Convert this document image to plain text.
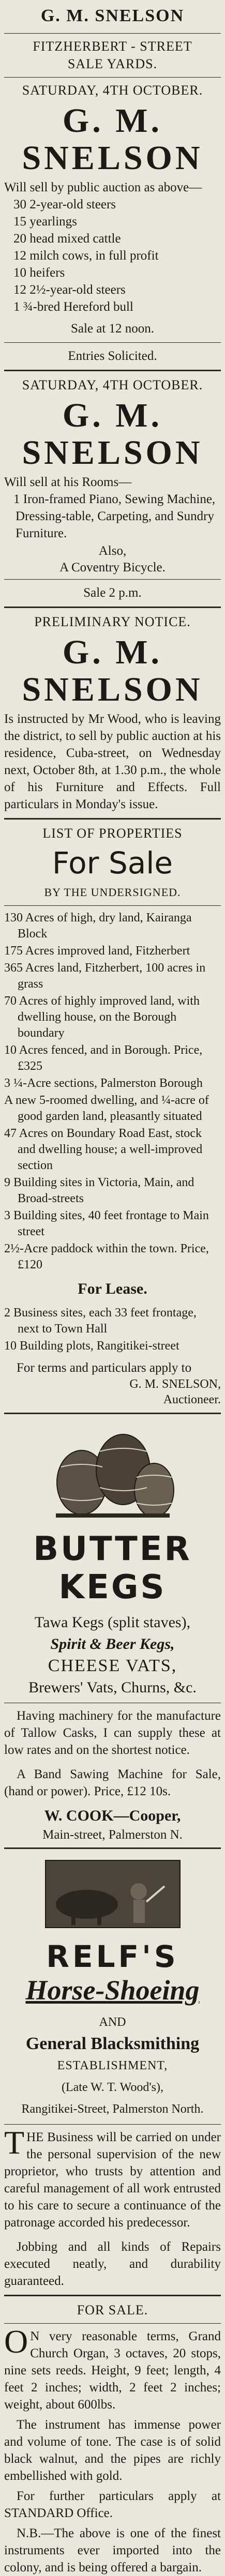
G. M. SNELSON
FITZHERBERT - STREET
SALE YARDS.
SATURDAY, 4TH OCTOBER.
G. M. SNELSON

Will sell by public auction as above—

30 2-year-old steers
15 yearlings
20 head mixed cattle
12 milch cows, in full profit
10 heifers
12 2½-year-old steers
1 ¾-bred Hereford bull
Sale at 12 noon.
Entries Solicited.
SATURDAY, 4TH OCTOBER.
G. M. SNELSON

Will sell at his Rooms—

1 Iron-framed Piano, Sewing Machine, Dressing-table, Carpeting, and Sundry Furniture.
Also,
A Coventry Bicycle.
Sale 2 p.m.
PRELIMINARY NOTICE.
G. M. SNELSON

Is instructed by Mr Wood, who is leaving the district, to sell by public auction at his residence, Cuba-street, on Wednesday next, October 8th, at 1.30 p.m., the whole of his Furniture and Effects. Full particulars in Monday's issue.

LIST OF PROPERTIES
For Sale
BY THE UNDERSIGNED.
130 Acres of high, dry land, Kairanga Block
175 Acres improved land, Fitzherbert
365 Acres land, Fitzherbert, 100 acres in grass
70 Acres of highly improved land, with dwelling house, on the Borough boundary
10 Acres fenced, and in Borough. Price, £325
3 ¼-Acre sections, Palmerston Borough
A new 5-roomed dwelling, and ¼-acre of good garden land, pleasantly situated
47 Acres on Boundary Road East, stock and dwelling house; a well-improved section
9 Building sites in Victoria, Main, and Broad-streets
3 Building sites, 40 feet frontage to Main street
2½-Acre paddock within the town. Price, £120
For Lease.
2 Business sites, each 33 feet frontage, next to Town Hall
10 Building plots, Rangitikei-street

For terms and particulars apply to

G. M. SNELSON,
Auctioneer.
BUTTER KEGS
Tawa Kegs (split staves),
Spirit & Beer Kegs,
CHEESE VATS,
Brewers' Vats, Churns, &c.

Having machinery for the manufacture of Tallow Casks, I can supply these at low rates and on the shortest notice.

A Band Sawing Machine for Sale, (hand or power). Price, £12 10s.

W. COOK—Cooper,
Main-street, Palmerston N.
RELF'S
Horse-Shoeing
AND
General Blacksmithing
ESTABLISHMENT,
(Late W. T. Wood's),
Rangitikei-Street, Palmerston North.

THE Business will be carried on under the personal supervision of the new proprietor, who trusts by attention and careful management of all work entrusted to his care to secure a continuance of the patronage accorded his predecessor.

Jobbing and all kinds of Repairs executed neatly, and durability guaranteed.

FOR SALE.

ON very reasonable terms, Grand Church Organ, 3 octaves, 20 stops, nine sets reeds. Height, 9 feet; length, 4 feet 2 inches; width, 2 feet 2 inches; weight, about 600lbs.

The instrument has immense power and volume of tone. The case is of solid black walnut, and the pipes are richly embellished with gold.

For further particulars apply at STANDARD Office.

N.B.—The above is one of the finest instruments ever imported into the colony, and is being offered a bargain.
